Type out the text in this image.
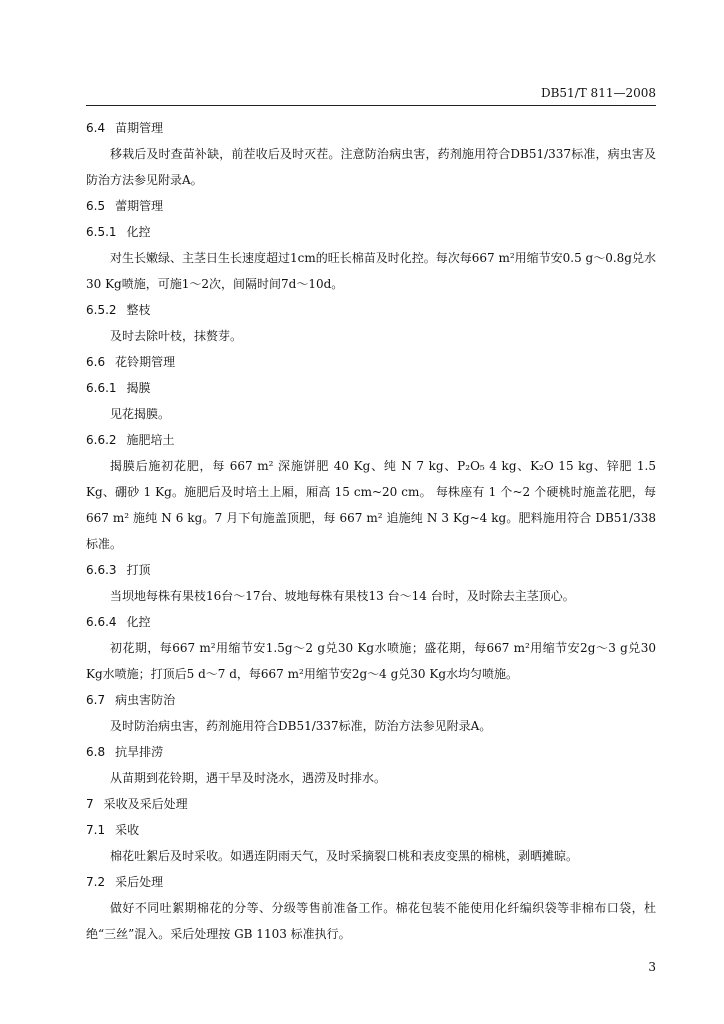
DB51/T 811—2008
6.4 苗期管理
移栽后及时查苗补缺，前茬收后及时灭茬。注意防治病虫害，药剂施用符合DB51/337标准，病虫害及防治方法参见附录A。
6.5 蕾期管理
6.5.1 化控
对生长嫩绿、主茎日生长速度超过1cm的旺长棉苗及时化控。每次每667 m²用缩节安0.5 g～0.8g兑水30 Kg喷施，可施1～2次，间隔时间7d～10d。
6.5.2 整枝
及时去除叶枝，抹赘芽。
6.6 花铃期管理
6.6.1 揭膜
见花揭膜。
6.6.2 施肥培土
揭膜后施初花肥，每 667 m² 深施饼肥 40 Kg、纯 N 7 kg、P₂O₅ 4 kg、K₂O 15 kg、锌肥 1.5 Kg、硼砂 1 Kg。施肥后及时培土上厢，厢高 15 cm~20 cm。 每株座有 1 个~2 个硬桃时施盖花肥，每 667 m² 施纯 N 6 kg。7 月下旬施盖顶肥，每 667 m² 追施纯 N 3 Kg~4 kg。肥料施用符合 DB51/338 标准。
6.6.3 打顶
当坝地每株有果枝16台～17台、坡地每株有果枝13 台～14 台时，及时除去主茎顶心。
6.6.4 化控
初花期，每667 m²用缩节安1.5g～2 g兑30 Kg水喷施；盛花期，每667 m²用缩节安2g～3 g兑30 Kg水喷施；打顶后5 d～7 d，每667 m²用缩节安2g～4 g兑30 Kg水均匀喷施。
6.7 病虫害防治
及时防治病虫害，药剂施用符合DB51/337标准，防治方法参见附录A。
6.8 抗旱排涝
从苗期到花铃期，遇干旱及时浇水，遇涝及时排水。
7 采收及采后处理
7.1 采收
棉花吐絮后及时采收。如遇连阴雨天气，及时采摘裂口桃和表皮变黑的棉桃，剥晒摊晾。
7.2 采后处理
做好不同吐絮期棉花的分等、分级等售前准备工作。棉花包装不能使用化纤编织袋等非棉布口袋，杜绝“三丝”混入。采后处理按 GB 1103 标准执行。
3
